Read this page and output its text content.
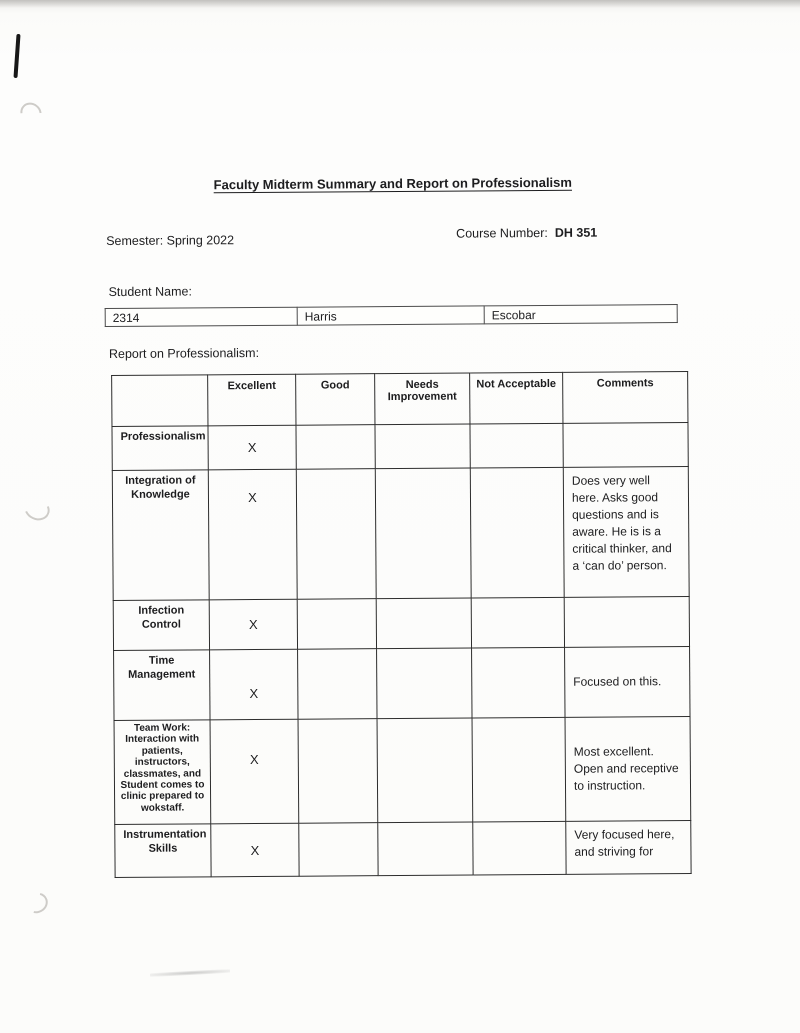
Faculty Midterm Summary and Report on Professionalism
Semester: Spring 2022	Course Number: DH 351
Student Name:
2314	Harris	Escobar
Report on Professionalism:
	Excellent	Good	Needs Improvement	Not Acceptable	Comments
Professionalism	X				
Integration of Knowledge	X				Does very well here. Asks good questions and is aware. He is is a critical thinker, and a ‘can do’ person.
Infection Control	X				
Time Management	X				Focused on this.
Team Work: Interaction with patients, instructors, classmates, and Student comes to clinic prepared to wokstaff.	X				Most excellent. Open and receptive to instruction.
Instrumentation Skills	X				Very focused here, and striving for
